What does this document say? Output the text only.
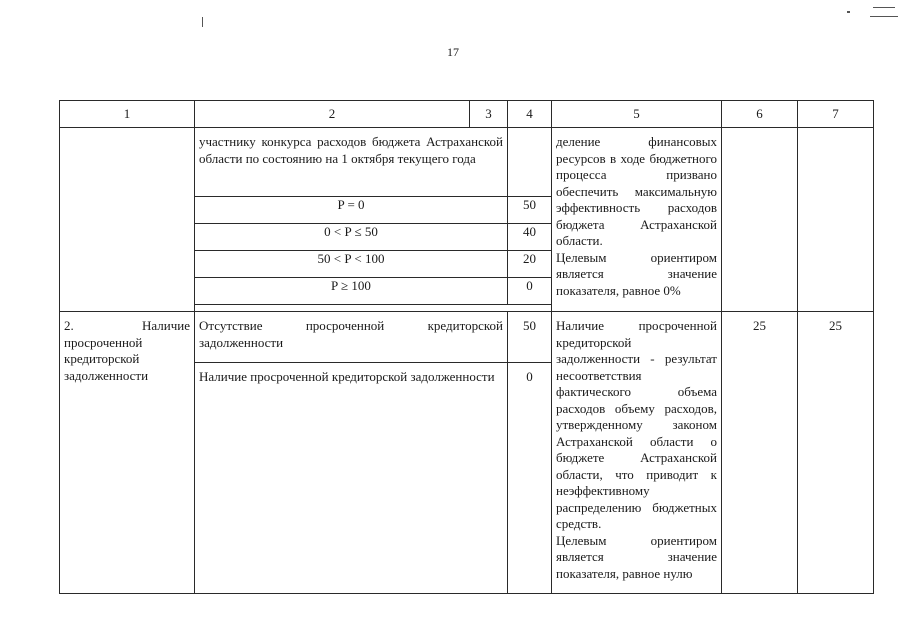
17
1	2	3	4	5	6	7
	участнику конкурса расходов бюджета Астраханской области по состоянию на 1 октября текущего года			деление финансовых ресурсов в ходе бюджетного процесса призвано обеспечить максимальную эффективность расходов бюджета Астраханской области.
Целевым ориентиром является значение показателя, равное 0%		

	P = 0		50			
	0 < P ≤ 50		40			
	50 < P < 100		20			
	P ≥ 100		0			

2. Наличие просроченной кредиторской задолженности	Отсутствие просроченной кредиторской задолженности		50	Наличие просроченной кредиторской задолженности - результат несоответствия фактического объема расходов объему расходов, утвержденному законом Астраханской области о бюджете Астраханской области, что приводит к неэффективному распределению бюджетных средств.
Целевым ориентиром является значение показателя, равное нулю	25	25
	Наличие просроченной кредиторской задолженности		0			
